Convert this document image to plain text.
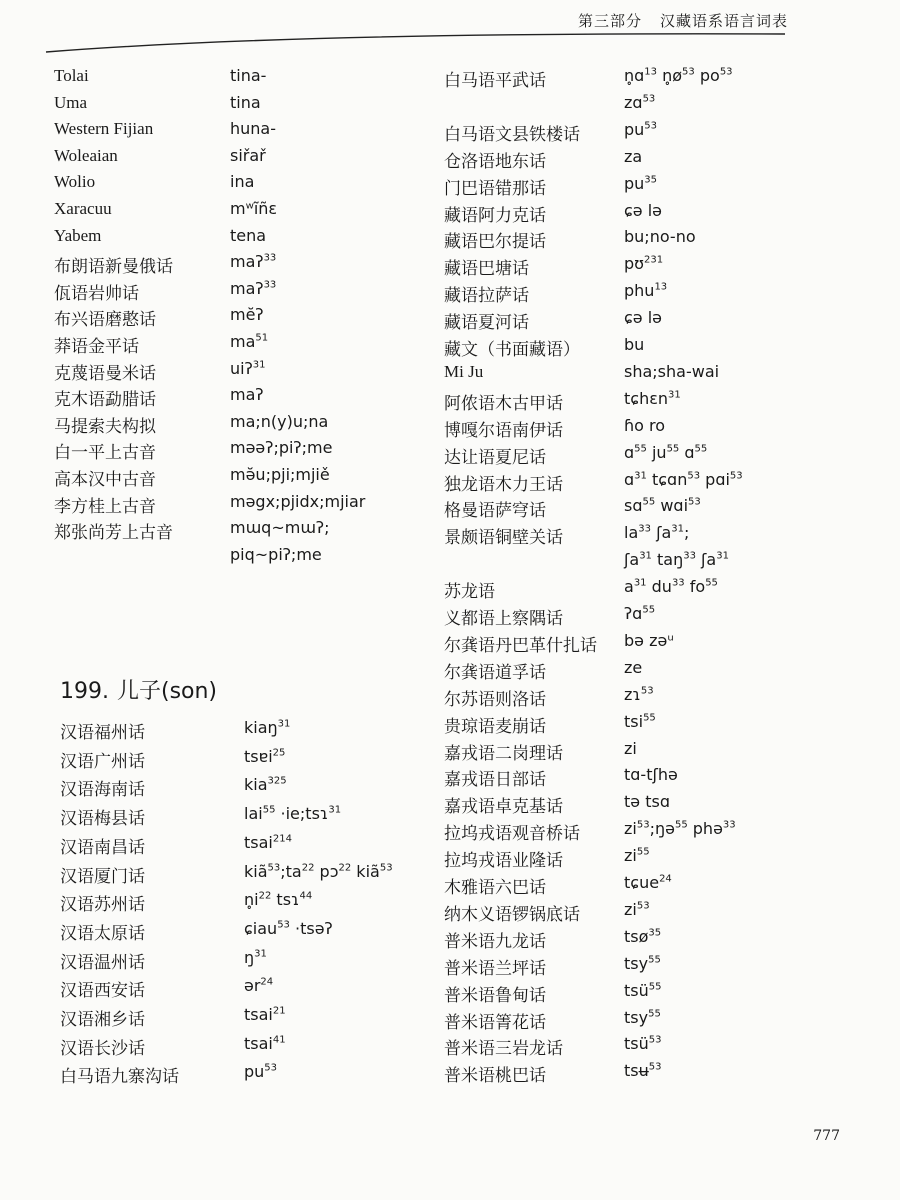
第三部分 汉藏语系语言词表
Tolai	tina-
Uma	tina
Western Fijian	huna-
Woleaian	siřař
Wolio	ina
Xaracuu	mʷĩñɛ
Yabem	tena
布朗语新曼俄话	maʔ$^{33}$
佤语岩帅话	maʔ$^{33}$
布兴语磨憨话	mĕʔ
莽语金平话	$ma^{51}$
克蔑语曼米话	uiʔ$^{31}$
克木语勐腊话	maʔ
马提索夫构拟	ma;n(y)u;na
白一平上古音	məəʔ;piʔ;me
高本汉中古音	mə̆u;pji;mjiě
李方桂上古音	məgx;pjidx;mjiar
郑张尚芳上古音	mɯq~mɯʔ;
piq~piʔ;me
199. 儿子(son)
汉语福州话	kiaŋ$^{31}$
汉语广州话	tsɐi$^{25}$
汉语海南话	kia$^{325}$
汉语梅县话	lai$^{55}$ ·ie;tsɿ$^{31}$
汉语南昌话	tsai$^{214}$
汉语厦门话	$kiã^{53};ta^{22}$ pɔ$^{22}$ kiã$^{53}$
汉语苏州话	$n̥i^{22}$ tsɿ$^{44}$
汉语太原话	ɕiau$^{53}$ ·tsəʔ
汉语温州话	$ŋ^{31}$
汉语西安话	ər$^{24}$
汉语湘乡话	tsai$^{21}$
汉语长沙话	tsai$^{41}$
白马语九寨沟话	$pu^{53}$
白马语平武话	n̥ɑ$^{13}$ $n̥ø^{53}$ $po^{53}$
zɑ$^{53}$
白马语文县铁楼话	$pu^{53}$
仓洛语地东话	za
门巴语错那话	$pu^{35}$
藏语阿力克话	ɕə lə
藏语巴尔提话	bu;no-no
藏语巴塘话	pʊ$^{231}$
藏语拉萨话	phu$^{13}$
藏语夏河话	ɕə lə
藏文（书面藏语）	bu
Mi Ju	sha;sha-wai
阿侬语木古甲话	tɕhɛn$^{31}$
博嘎尔语南伊话	ɦo ro
达让语夏尼话	ɑ$^{55}$ $ju^{55}$ ɑ$^{55}$
独龙语木力王话	ɑ$^{31}$ tɕɑn$^{53}$ pɑi$^{53}$
格曼语萨穹话	sɑ$^{55}$ wɑi$^{53}$
景颇语铜壁关话	$la^{33}$ ʃa$^{31}$;
ʃa$^{31}$ taŋ$^{33}$ ʃa$^{31}$
苏龙语	$a^{31}$ $du^{33}$ $fo^{55}$
义都语上察隅话	ʔɑ$^{55}$
尔龚语丹巴革什扎话 bə zəᵘ
尔龚语道孚话	ze
尔苏语则洛话	zɿ$^{53}$
贵琼语麦崩话	tsi$^{55}$
嘉戎语二岗理话	zi
嘉戎语日部话	tɑ-tʃhə
嘉戎语卓克基话	tə tsɑ
拉坞戎语观音桥话	$zi^{53};ŋə^{55}$ phə$^{33}$
拉坞戎语业隆话	$zi^{55}$
木雅语六巴话	tɕue$^{24}$
纳木义语锣锅底话	$zi^{53}$
普米语九龙话	tsø$^{35}$
普米语兰坪话	tsy$^{55}$
普米语鲁甸话	tsü$^{55}$
普米语箐花话	tsy$^{55}$
普米语三岩龙话	tsü$^{53}$
普米语桃巴话	tsʉ$^{53}$
777
